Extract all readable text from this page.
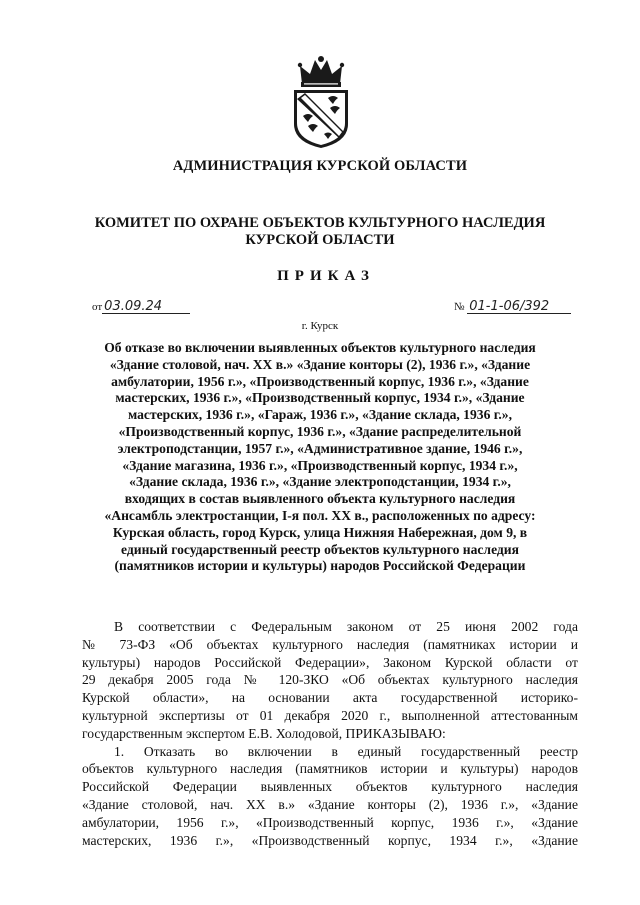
АДМИНИСТРАЦИЯ КУРСКОЙ ОБЛАСТИ
КОМИТЕТ ПО ОХРАНЕ ОБЪЕКТОВ КУЛЬТУРНОГО НАСЛЕДИЯ
КУРСКОЙ ОБЛАСТИ
ПРИКАЗ
от 03.09.24	№ 01-1-06/392
г. Курск
Об отказе во включении выявленных объектов культурного наследия
«Здание столовой, нач. XX в.» «Здание конторы (2), 1936 г.», «Здание
амбулатории, 1956 г.», «Производственный корпус, 1936 г.», «Здание
мастерских, 1936 г.», «Производственный корпус, 1934 г.», «Здание
мастерских, 1936 г.», «Гараж, 1936 г.», «Здание склада, 1936 г.»,
«Производственный корпус, 1936 г.», «Здание распределительной
электроподстанции, 1957 г.», «Административное здание, 1946 г.»,
«Здание магазина, 1936 г.», «Производственный корпус, 1934 г.»,
«Здание склада, 1936 г.», «Здание электроподстанции, 1934 г.»,
входящих в состав выявленного объекта культурного наследия
«Ансамбль электростанции, I-я пол. XX в., расположенных по адресу:
Курская область, город Курск, улица Нижняя Набережная, дом 9, в
единый государственный реестр объектов культурного наследия
(памятников истории и культуры) народов Российской Федерации
В соответствии с Федеральным законом от 25 июня 2002 года
№ 73-ФЗ «Об объектах культурного наследия (памятниках истории и
культуры) народов Российской Федерации», Законом Курской области от
29 декабря 2005 года № 120-ЗКО «Об объектах культурного наследия
Курской области», на основании акта государственной историко-
культурной экспертизы от 01 декабря 2020 г., выполненной аттестованным
государственным экспертом Е.В. Холодовой, ПРИКАЗЫВАЮ:
1. Отказать во включении в единый государственный реестр
объектов культурного наследия (памятников истории и культуры) народов
Российской Федерации выявленных объектов культурного наследия
«Здание столовой, нач. XX в.» «Здание конторы (2), 1936 г.», «Здание
амбулатории, 1956 г.», «Производственный корпус, 1936 г.», «Здание
мастерских, 1936 г.», «Производственный корпус, 1934 г.», «Здание
